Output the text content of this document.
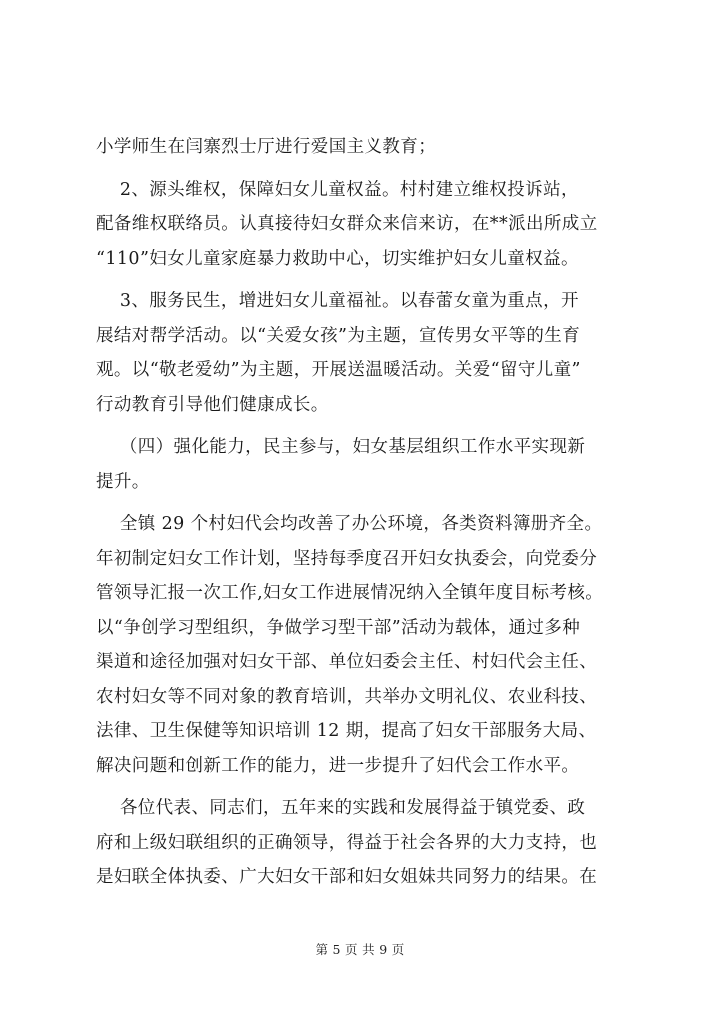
小学师生在闫寨烈士厅进行爱国主义教育；
2、源头维权，保障妇女儿童权益。村村建立维权投诉站，
配备维权联络员。认真接待妇女群众来信来访，在**派出所成立
“110”妇女儿童家庭暴力救助中心，切实维护妇女儿童权益。
3、服务民生，增进妇女儿童福祉。以春蕾女童为重点，开
展结对帮学活动。以“关爱女孩”为主题，宣传男女平等的生育
观。以“敬老爱幼”为主题，开展送温暖活动。关爱“留守儿童”
行动教育引导他们健康成长。
（四）强化能力，民主参与，妇女基层组织工作水平实现新
提升。
全镇 29 个村妇代会均改善了办公环境，各类资料簿册齐全。
年初制定妇女工作计划，坚持每季度召开妇女执委会，向党委分
管领导汇报一次工作,妇女工作进展情况纳入全镇年度目标考核。
以“争创学习型组织，争做学习型干部”活动为载体，通过多种
渠道和途径加强对妇女干部、单位妇委会主任、村妇代会主任、
农村妇女等不同对象的教育培训，共举办文明礼仪、农业科技、
法律、卫生保健等知识培训 12 期，提高了妇女干部服务大局、
解决问题和创新工作的能力，进一步提升了妇代会工作水平。
各位代表、同志们，五年来的实践和发展得益于镇党委、政
府和上级妇联组织的正确领导，得益于社会各界的大力支持，也
是妇联全体执委、广大妇女干部和妇女姐妹共同努力的结果。在
第 5 页 共 9 页
